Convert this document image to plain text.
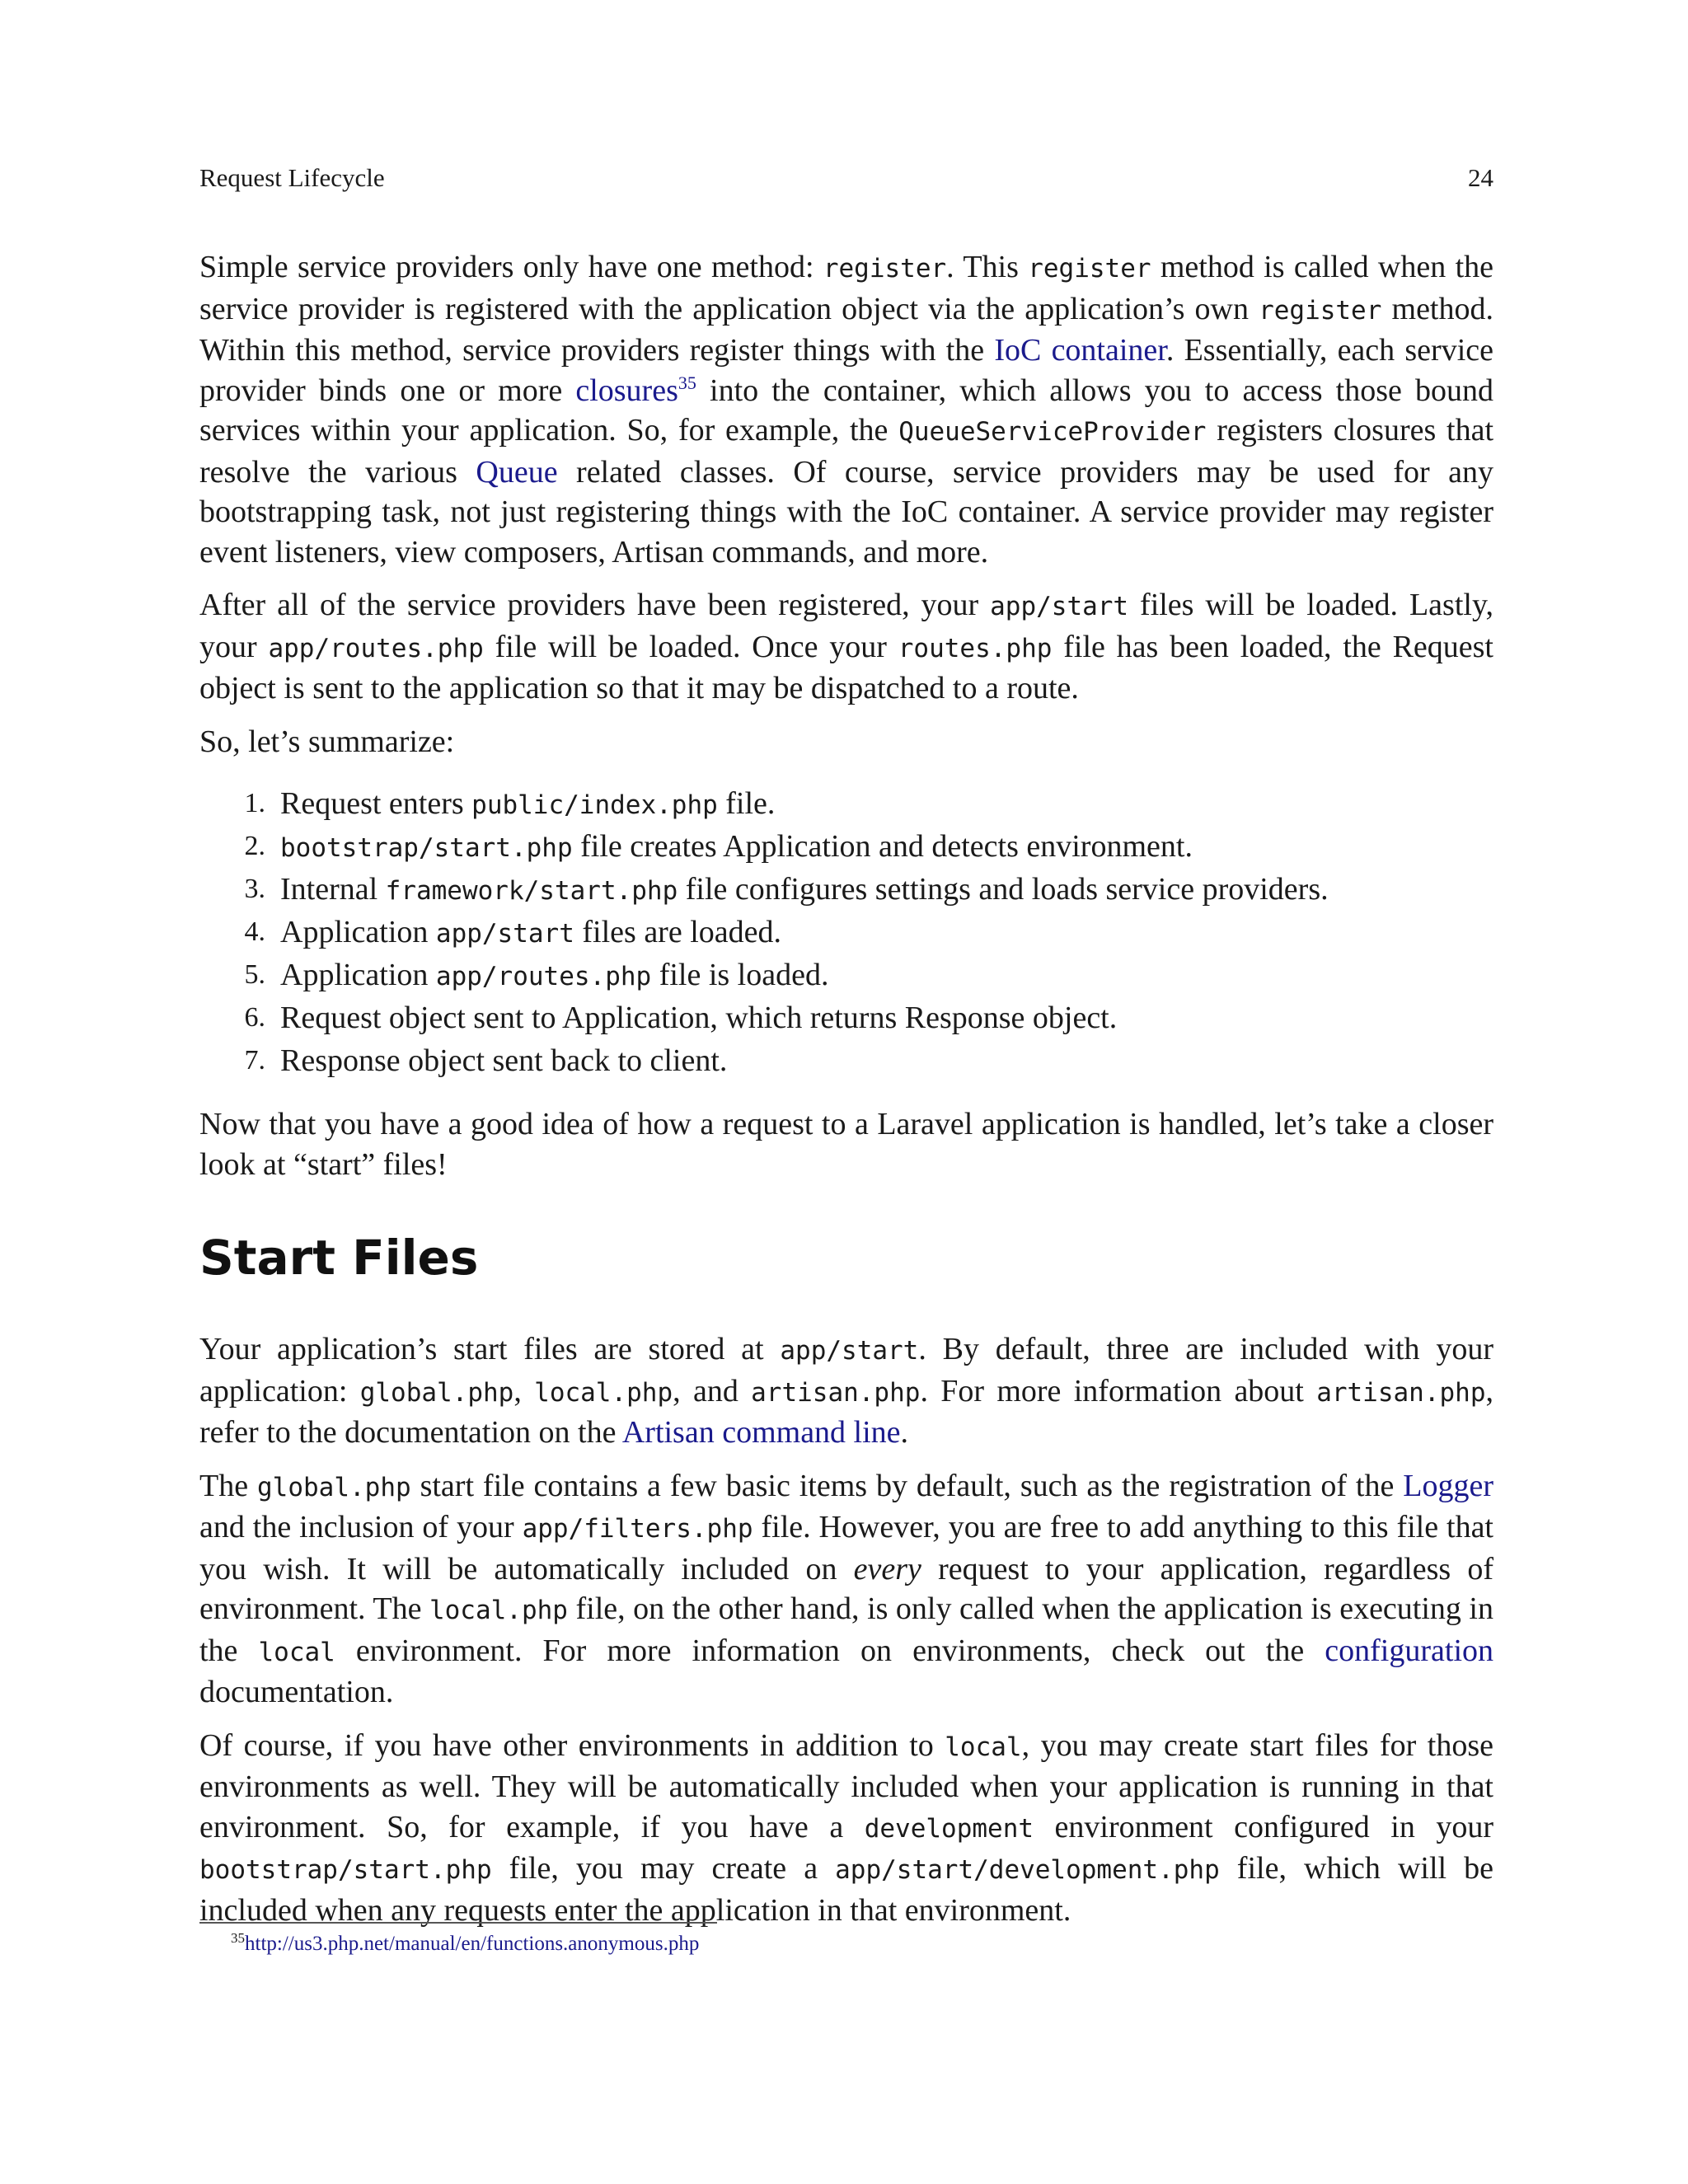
Request Lifecycle	24

Simple service providers only have one method: register. This register method is called when the service provider is registered with the application object via the application’s own register method. Within this method, service providers register things with the IoC container. Essentially, each service provider binds one or more closures$^{35}$ into the container, which allows you to access those bound services within your application. So, for example, the QueueServiceProvider registers closures that resolve the various Queue related classes. Of course, service providers may be used for any bootstrapping task, not just registering things with the IoC container. A service provider may register event listeners, view composers, Artisan commands, and more.

After all of the service providers have been registered, your app/start files will be loaded. Lastly, your app/routes.php file will be loaded. Once your routes.php file has been loaded, the Request object is sent to the application so that it may be dispatched to a route.

So, let’s summarize:

1. Request enters public/index.php file.
2. bootstrap/start.php file creates Application and detects environment.
3. Internal framework/start.php file configures settings and loads service providers.
4. Application app/start files are loaded.
5. Application app/routes.php file is loaded.
6. Request object sent to Application, which returns Response object.
7. Response object sent back to client.

Now that you have a good idea of how a request to a Laravel application is handled, let’s take a closer look at “start” files!

Start Files

Your application’s start files are stored at app/start. By default, three are included with your application: global.php, local.php, and artisan.php. For more information about artisan.php, refer to the documentation on the Artisan command line.

The global.php start file contains a few basic items by default, such as the registration of the Logger and the inclusion of your app/filters.php file. However, you are free to add anything to this file that you wish. It will be automatically included on every request to your application, regardless of environment. The local.php file, on the other hand, is only called when the application is executing in the local environment. For more information on environments, check out the configuration documentation.

Of course, if you have other environments in addition to local, you may create start files for those environments as well. They will be automatically included when your application is running in that environment. So, for example, if you have a development environment configured in your bootstrap/start.php file, you may create a app/start/development.php file, which will be included when any requests enter the application in that environment.

$^{35}$http://us3.php.net/manual/en/functions.anonymous.php
